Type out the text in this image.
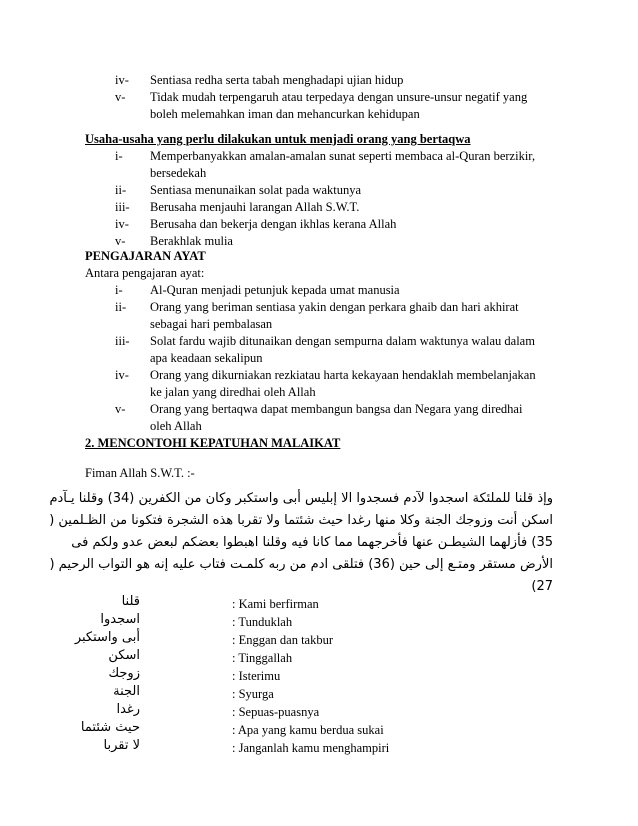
iv- Sentiasa redha serta tabah menghadapi ujian hidup
v- Tidak mudah terpengaruh atau terpedaya dengan unsure-unsur negatif yang
boleh melemahkan iman dan mehancurkan kehidupan
Usaha-usaha yang perlu dilakukan untuk menjadi orang yang bertaqwa
i- Memperbanyakkan amalan-amalan sunat seperti membaca al-Quran berzikir,
bersedekah
ii- Sentiasa menunaikan solat pada waktunya
iii- Berusaha menjauhi larangan Allah S.W.T.
iv- Berusaha dan bekerja dengan ikhlas kerana Allah
v- Berakhlak mulia
PENGAJARAN AYAT
Antara pengajaran ayat:
i- Al-Quran menjadi petunjuk kepada umat manusia
ii- Orang yang beriman sentiasa yakin dengan perkara ghaib dan hari akhirat
sebagai hari pembalasan
iii- Solat fardu wajib ditunaikan dengan sempurna dalam waktunya walau dalam
apa keadaan sekalipun
iv- Orang yang dikurniakan rezkiatau harta kekayaan hendaklah membelanjakan
ke jalan yang diredhai oleh Allah
v- Orang yang bertaqwa dapat membangun bangsa dan Negara yang diredhai
oleh Allah
2. MENCONTOHI KEPATUHAN MALAIKAT
Fiman Allah S.W.T. :-
وإذ قلنا للملئكة اسجدوا لآدم فسجدوا الا إبليس أبى واستكبر وكان من الكفرين (34) وقلنا يـآدم
اسكن أنت وزوجك الجنة وكلا منها رغدا حيث شئتما ولا تقربا هذه الشجرة فتكونا من الظـلمين (
35) فأزلهما الشيطـن عنها فأخرجهما مما كانا فيه وقلنا اهبطوا بعضكم لبعض عدو ولكم فى
الأرض مستقر ومتـع إلى حين (36) فتلقى ادم من ربه كلمـت فتاب عليه إنه هو التواب الرحيم (
27)
قلنا	: Kami berfirman
اسجدوا	: Tunduklah
أبى واستكبر	: Enggan dan takbur
اسكن	: Tinggallah
زوجك	: Isterimu
الجنة	: Syurga
رغدا	: Sepuas-puasnya
حيث شئتما	: Apa yang kamu berdua sukai
لا تقربا	: Janganlah kamu menghampiri
